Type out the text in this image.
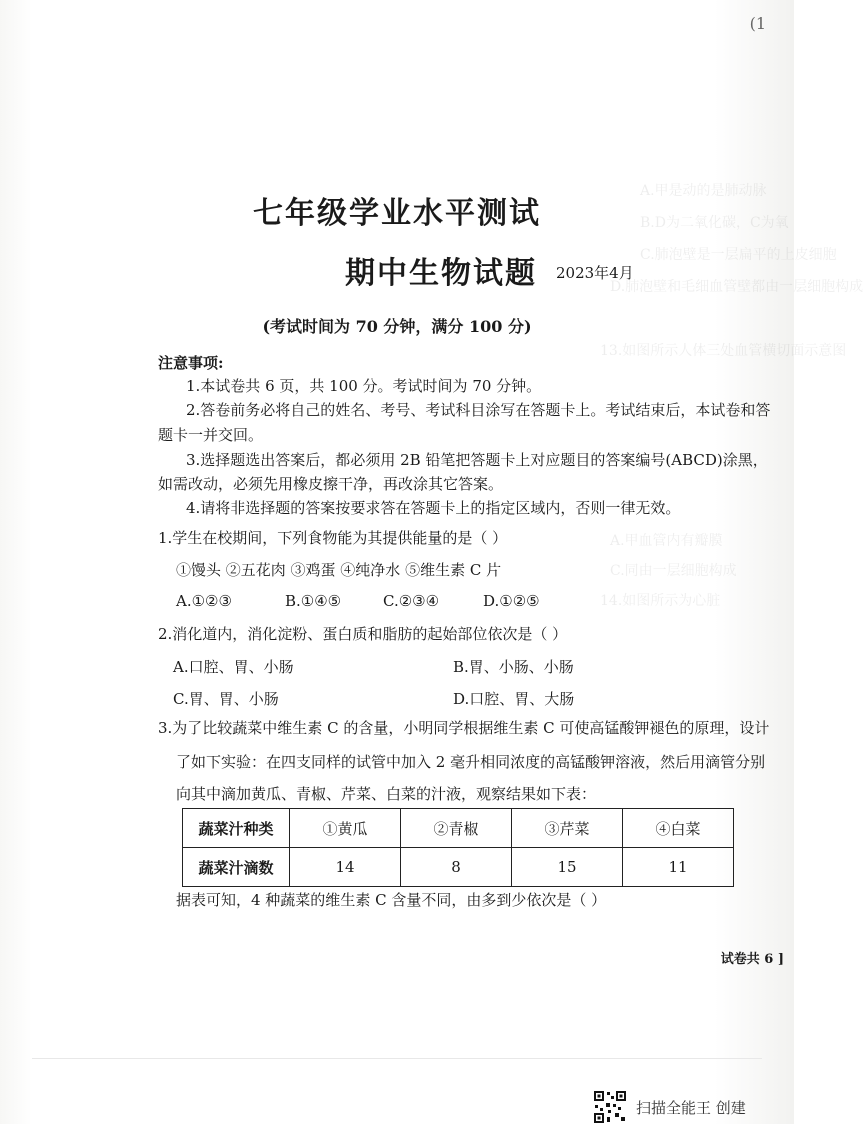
A.甲是动的是肺动脉
B.D为二氧化碳，C为氧
C.肺泡壁是一层扁平的上皮细胞
D.肺泡壁和毛细血管壁都由一层细胞构成
13.如图所示人体三处血管横切面示意图
A.甲血管内有瓣膜
C.同由一层细胞构成
14.如图所示为心脏
(1
七年级学业水平测试
期中生物试题 2023年4月
(考试时间为 70 分钟，满分 100 分)
注意事项:
1.本试卷共 6 页，共 100 分。考试时间为 70 分钟。
2.答卷前务必将自己的姓名、考号、考试科目涂写在答题卡上。考试结束后，本试卷和答
题卡一并交回。
3.选择题选出答案后，都必须用 2B 铅笔把答题卡上对应题目的答案编号(ABCD)涂黑，
如需改动，必须先用橡皮擦干净，再改涂其它答案。
4.请将非选择题的答案按要求答在答题卡上的指定区域内，否则一律无效。
1.学生在校期间，下列食物能为其提供能量的是（ ）
①馒头 ②五花肉 ③鸡蛋 ④纯净水 ⑤维生素 C 片
A.①②③	B.①④⑤	C.②③④	D.①②⑤
2.消化道内，消化淀粉、蛋白质和脂肪的起始部位依次是（ ）
A.口腔、胃、小肠	B.胃、小肠、小肠
C.胃、胃、小肠	D.口腔、胃、大肠
3.为了比较蔬菜中维生素 C 的含量，小明同学根据维生素 C 可使高锰酸钾褪色的原理，设计
了如下实验：在四支同样的试管中加入 2 毫升相同浓度的高锰酸钾溶液，然后用滴管分别
向其中滴加黄瓜、青椒、芹菜、白菜的汁液，观察结果如下表：
蔬菜汁种类	①黄瓜	②青椒	③芹菜	④白菜
蔬菜汁滴数	14	8	15	11
据表可知，4 种蔬菜的维生素 C 含量不同，由多到少依次是（ ）
试卷共 6 ]
扫描全能王 创建
